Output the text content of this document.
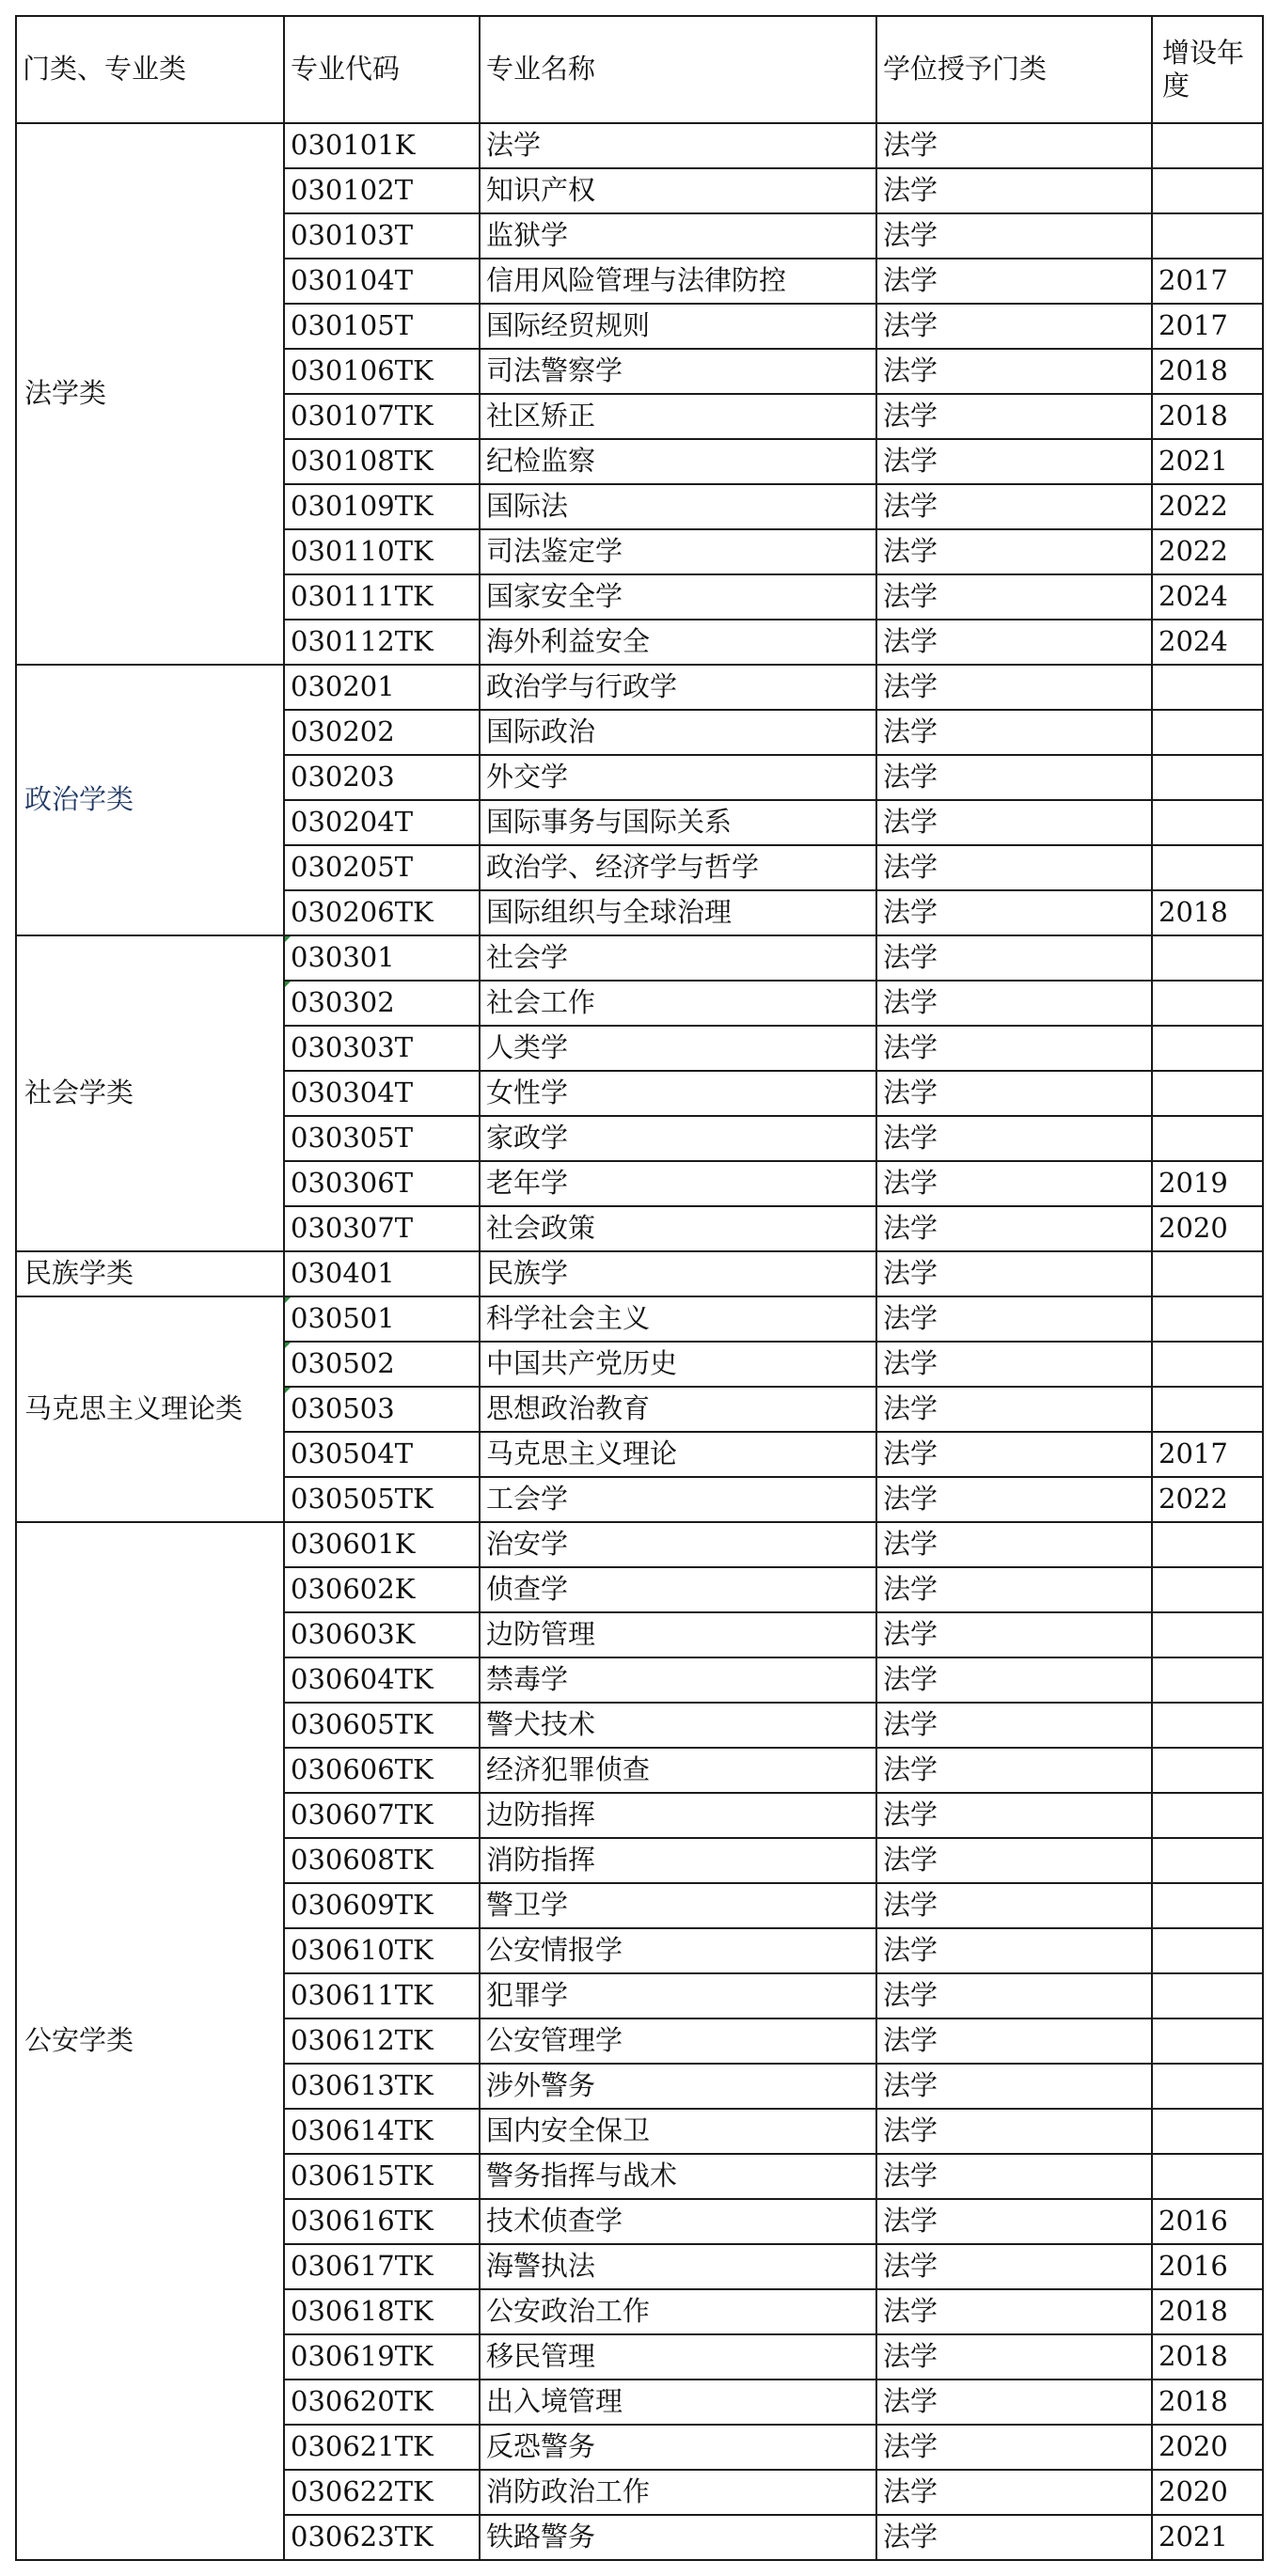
门类、专业类	专业代码	专业名称	学位授予门类	增设年度
法学类	030101K	法学	法学	
	030102T	知识产权	法学	
	030103T	监狱学	法学	
	030104T	信用风险管理与法律防控	法学	2017
	030105T	国际经贸规则	法学	2017
	030106TK	司法警察学	法学	2018
	030107TK	社区矫正	法学	2018
	030108TK	纪检监察	法学	2021
	030109TK	国际法	法学	2022
	030110TK	司法鉴定学	法学	2022
	030111TK	国家安全学	法学	2024
	030112TK	海外利益安全	法学	2024
政治学类	030201	政治学与行政学	法学	
	030202	国际政治	法学	
	030203	外交学	法学	
	030204T	国际事务与国际关系	法学	
	030205T	政治学、经济学与哲学	法学	
	030206TK	国际组织与全球治理	法学	2018
社会学类	030301	社会学	法学	
	030302	社会工作	法学	
	030303T	人类学	法学	
	030304T	女性学	法学	
	030305T	家政学	法学	
	030306T	老年学	法学	2019
	030307T	社会政策	法学	2020
民族学类	030401	民族学	法学	
马克思主义理论类	030501	科学社会主义	法学	
	030502	中国共产党历史	法学	
	030503	思想政治教育	法学	
	030504T	马克思主义理论	法学	2017
	030505TK	工会学	法学	2022
公安学类	030601K	治安学	法学	
	030602K	侦查学	法学	
	030603K	边防管理	法学	
	030604TK	禁毒学	法学	
	030605TK	警犬技术	法学	
	030606TK	经济犯罪侦查	法学	
	030607TK	边防指挥	法学	
	030608TK	消防指挥	法学	
	030609TK	警卫学	法学	
	030610TK	公安情报学	法学	
	030611TK	犯罪学	法学	
	030612TK	公安管理学	法学	
	030613TK	涉外警务	法学	
	030614TK	国内安全保卫	法学	
	030615TK	警务指挥与战术	法学	
	030616TK	技术侦查学	法学	2016
	030617TK	海警执法	法学	2016
	030618TK	公安政治工作	法学	2018
	030619TK	移民管理	法学	2018
	030620TK	出入境管理	法学	2018
	030621TK	反恐警务	法学	2020
	030622TK	消防政治工作	法学	2020
	030623TK	铁路警务	法学	2021
